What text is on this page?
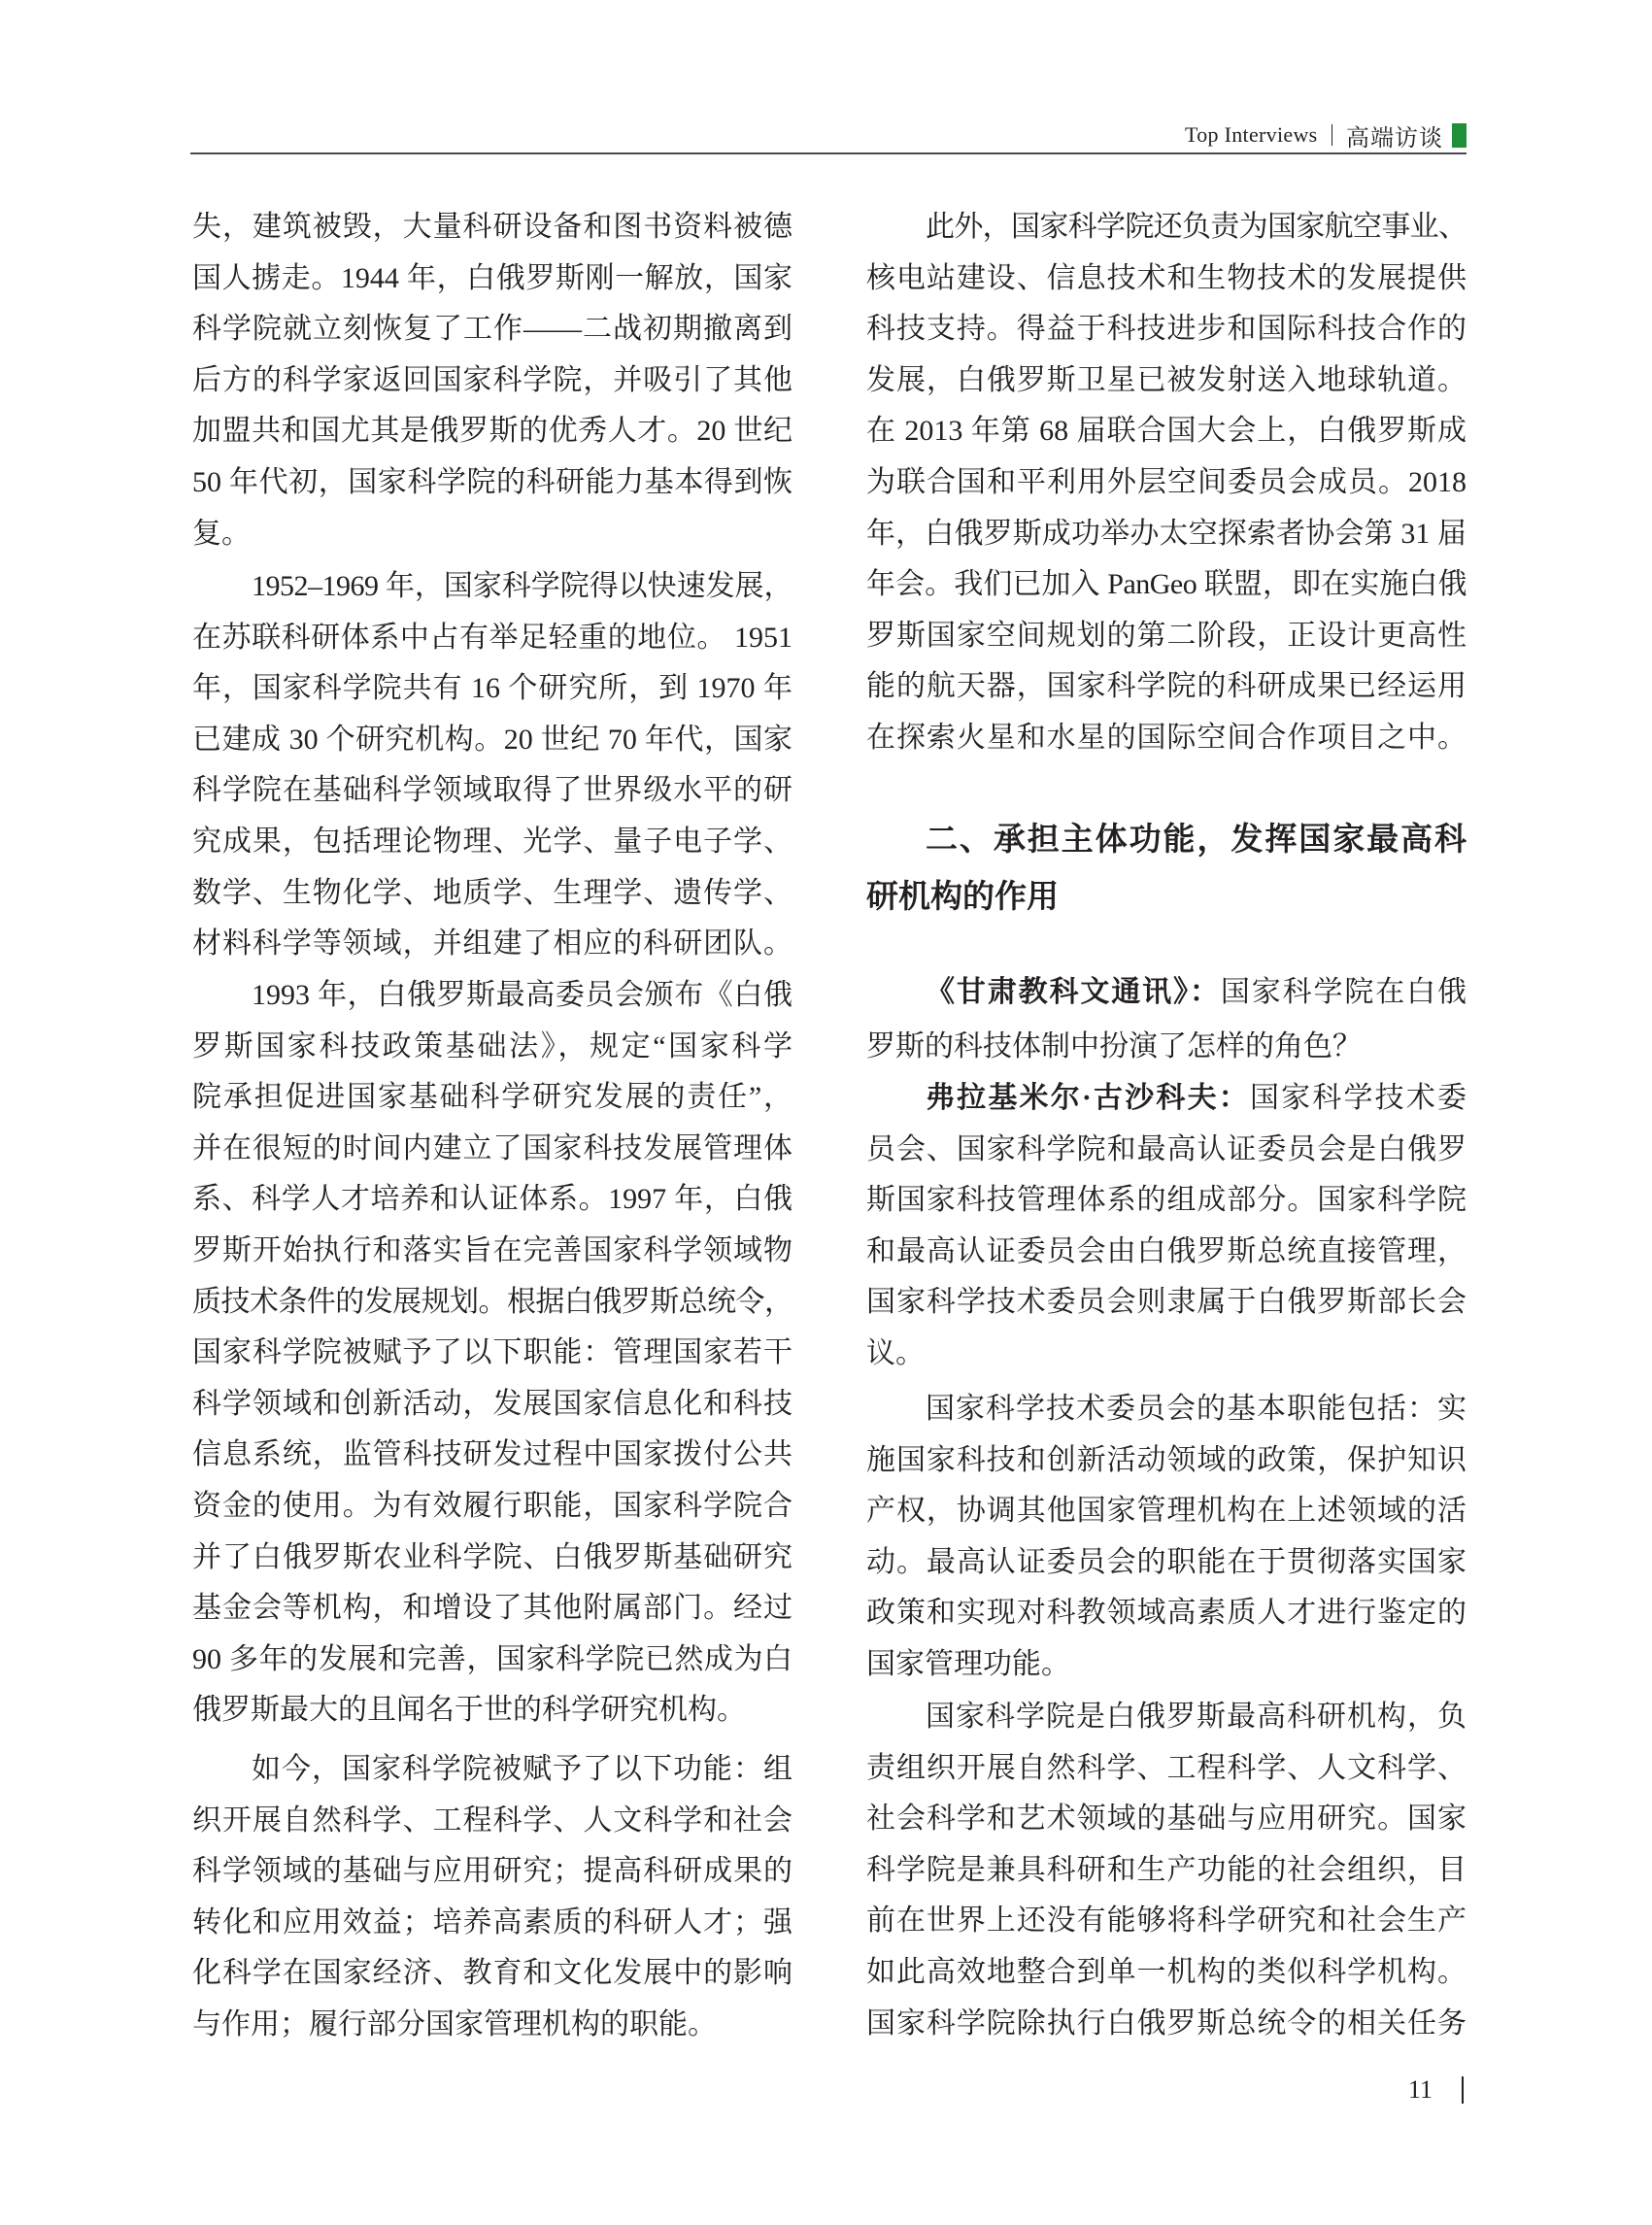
Top Interviews 高端访谈
失，建筑被毁，大量科研设备和图书资料被德
国人掳走。1944 年，白俄罗斯刚一解放，国家
科学院就立刻恢复了工作——二战初期撤离到
后方的科学家返回国家科学院，并吸引了其他
加盟共和国尤其是俄罗斯的优秀人才。20 世纪
50 年代初，国家科学院的科研能力基本得到恢
复。
1952–1969 年，国家科学院得以快速发展，
在苏联科研体系中占有举足轻重的地位。 1951
年，国家科学院共有 16 个研究所，到 1970 年
已建成 30 个研究机构。20 世纪 70 年代，国家
科学院在基础科学领域取得了世界级水平的研
究成果，包括理论物理、光学、量子电子学、
数学、生物化学、地质学、生理学、遗传学、
材料科学等领域，并组建了相应的科研团队。
1993 年，白俄罗斯最高委员会颁布《白俄
罗斯国家科技政策基础法》，规定“国家科学
院承担促进国家基础科学研究发展的责任”，
并在很短的时间内建立了国家科技发展管理体
系、科学人才培养和认证体系。1997 年，白俄
罗斯开始执行和落实旨在完善国家科学领域物
质技术条件的发展规划。根据白俄罗斯总统令，
国家科学院被赋予了以下职能：管理国家若干
科学领域和创新活动，发展国家信息化和科技
信息系统，监管科技研发过程中国家拨付公共
资金的使用。为有效履行职能，国家科学院合
并了白俄罗斯农业科学院、白俄罗斯基础研究
基金会等机构，和增设了其他附属部门。经过
90 多年的发展和完善，国家科学院已然成为白
俄罗斯最大的且闻名于世的科学研究机构。
如今，国家科学院被赋予了以下功能：组
织开展自然科学、工程科学、人文科学和社会
科学领域的基础与应用研究；提高科研成果的
转化和应用效益；培养高素质的科研人才；强
化科学在国家经济、教育和文化发展中的影响
与作用；履行部分国家管理机构的职能。
此外，国家科学院还负责为国家航空事业、
核电站建设、信息技术和生物技术的发展提供
科技支持。得益于科技进步和国际科技合作的
发展，白俄罗斯卫星已被发射送入地球轨道。
在 2013 年第 68 届联合国大会上，白俄罗斯成
为联合国和平利用外层空间委员会成员。2018
年，白俄罗斯成功举办太空探索者协会第 31 届
年会。我们已加入 PanGeo 联盟，即在实施白俄
罗斯国家空间规划的第二阶段，正设计更高性
能的航天器，国家科学院的科研成果已经运用
在探索火星和水星的国际空间合作项目之中。
二、承担主体功能，发挥国家最高科
研机构的作用
《甘肃教科文通讯》：国家科学院在白俄
罗斯的科技体制中扮演了怎样的角色？
弗拉基米尔·古沙科夫：国家科学技术委
员会、国家科学院和最高认证委员会是白俄罗
斯国家科技管理体系的组成部分。国家科学院
和最高认证委员会由白俄罗斯总统直接管理，
国家科学技术委员会则隶属于白俄罗斯部长会
议。
国家科学技术委员会的基本职能包括：实
施国家科技和创新活动领域的政策，保护知识
产权，协调其他国家管理机构在上述领域的活
动。最高认证委员会的职能在于贯彻落实国家
政策和实现对科教领域高素质人才进行鉴定的
国家管理功能。
国家科学院是白俄罗斯最高科研机构，负
责组织开展自然科学、工程科学、人文科学、
社会科学和艺术领域的基础与应用研究。国家
科学院是兼具科研和生产功能的社会组织，目
前在世界上还没有能够将科学研究和社会生产
如此高效地整合到单一机构的类似科学机构。
国家科学院除执行白俄罗斯总统令的相关任务
11
